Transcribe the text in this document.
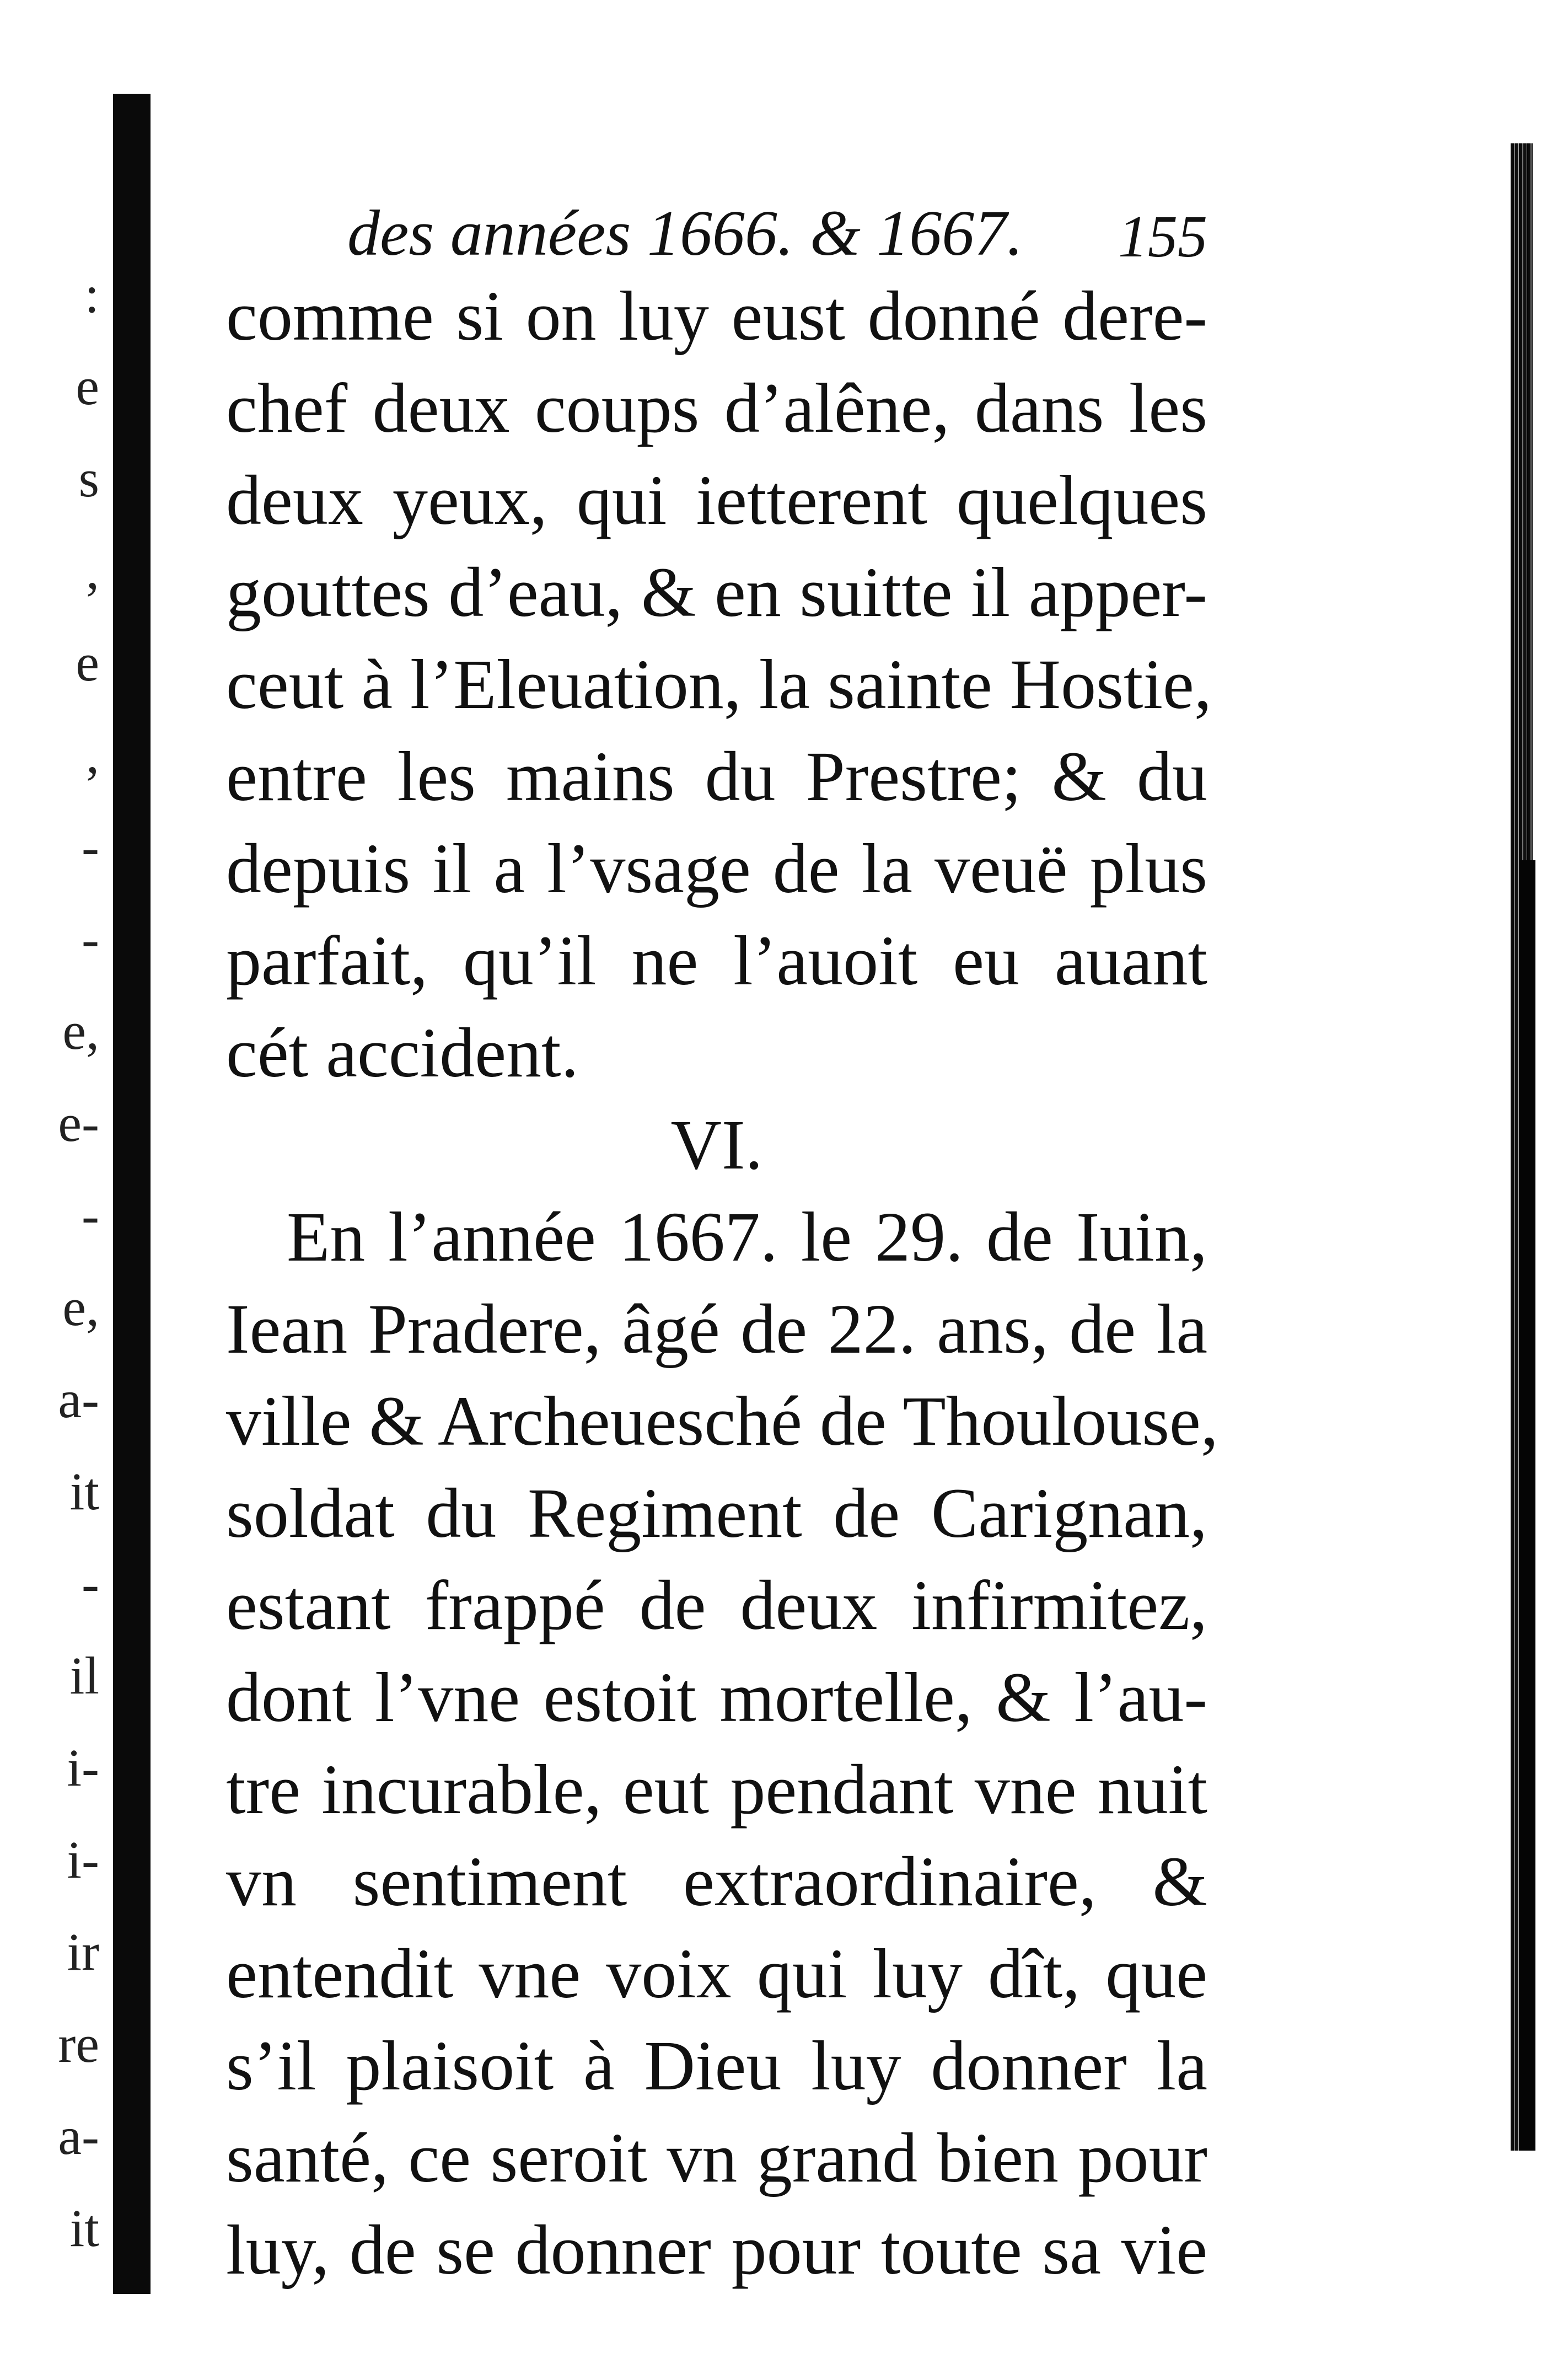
:
e
s
,
e
,
-
-
e,
e-
-
e,
a-
it
-
il
i-
i-
ir
re
a-
it
des années 1666. & 1667.	155
comme si on luy eust donné dere-
chef deux coups d’alêne, dans les
deux yeux, qui ietterent quelques
gouttes d’eau, & en suitte il apper-
ceut à l’Eleuation, la sainte Hostie,
entre les mains du Prestre; & du
depuis il a l’vsage de la veuë plus
parfait, qu’il ne l’auoit eu auant
cét accident.
VI.
En l’année 1667. le 29. de Iuin,
Iean Pradere, âgé de 22. ans, de la
ville & Archeuesché de Thoulouse,
soldat du Regiment de Carignan,
estant frappé de deux infirmitez,
dont l’vne estoit mortelle, & l’au-
tre incurable, eut pendant vne nuit
vn sentiment extraordinaire, &
entendit vne voix qui luy dît, que
s’il plaisoit à Dieu luy donner la
santé, ce seroit vn grand bien pour
luy, de se donner pour toute sa vie
